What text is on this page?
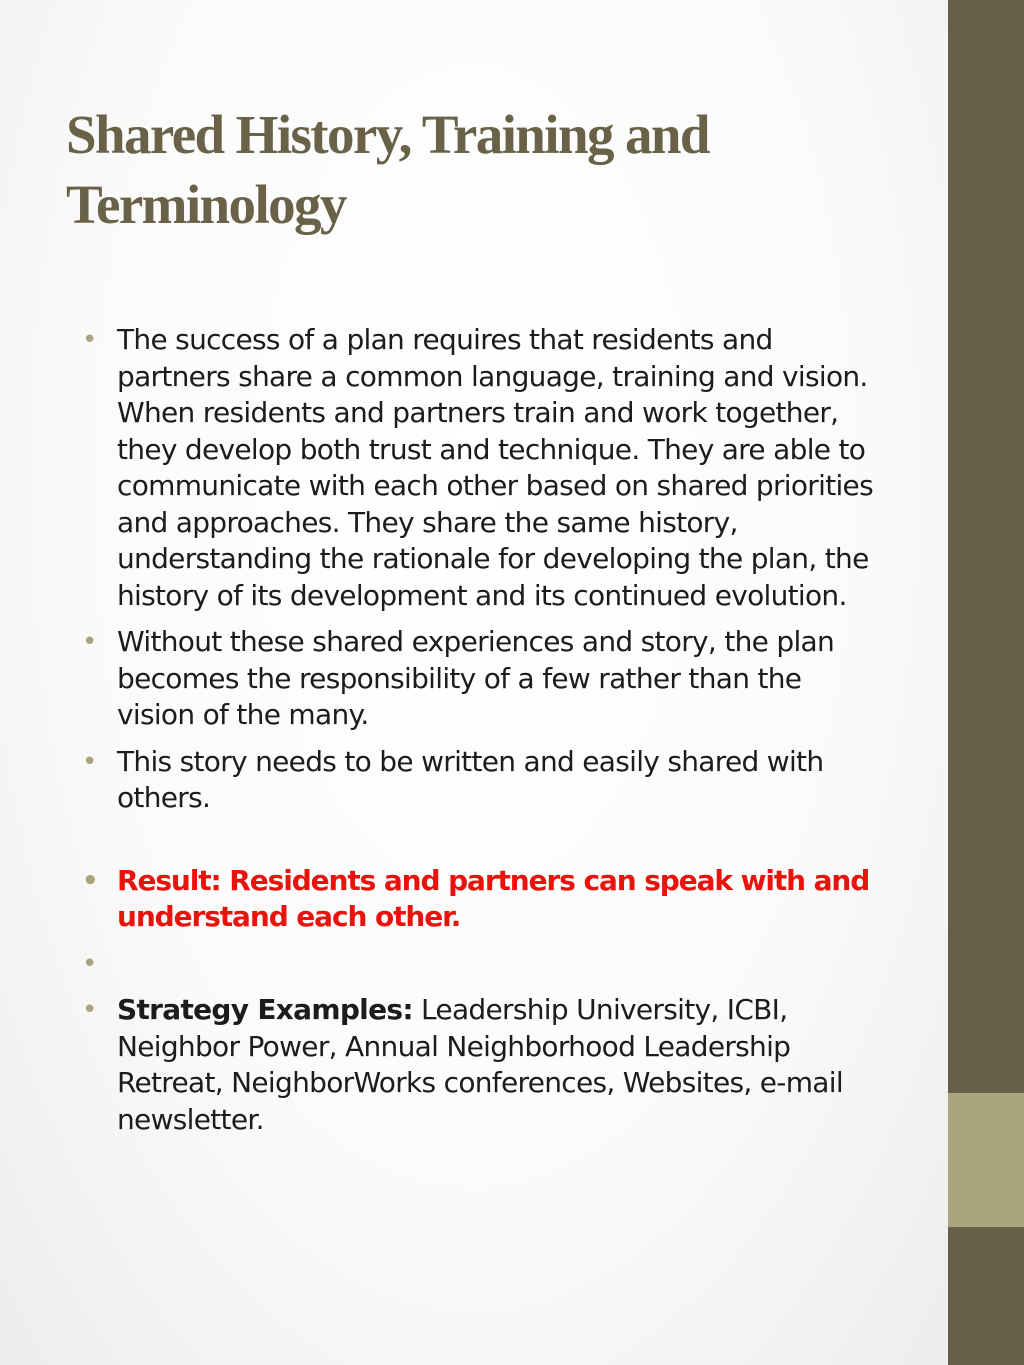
Shared History, Training and Terminology
• The success of a plan requires that residents and partners share a common language, training and vision. When residents and partners train and work together, they develop both trust and technique. They are able to communicate with each other based on shared priorities and approaches. They share the same history, understanding the rationale for developing the plan, the history of its development and its continued evolution.
• Without these shared experiences and story, the plan becomes the responsibility of a few rather than the vision of the many.
• This story needs to be written and easily shared with others.
• Result: Residents and partners can speak with and understand each other.
•
• Strategy Examples: Leadership University, ICBI, Neighbor Power, Annual Neighborhood Leadership Retreat, NeighborWorks conferences, Websites, e-mail newsletter.
